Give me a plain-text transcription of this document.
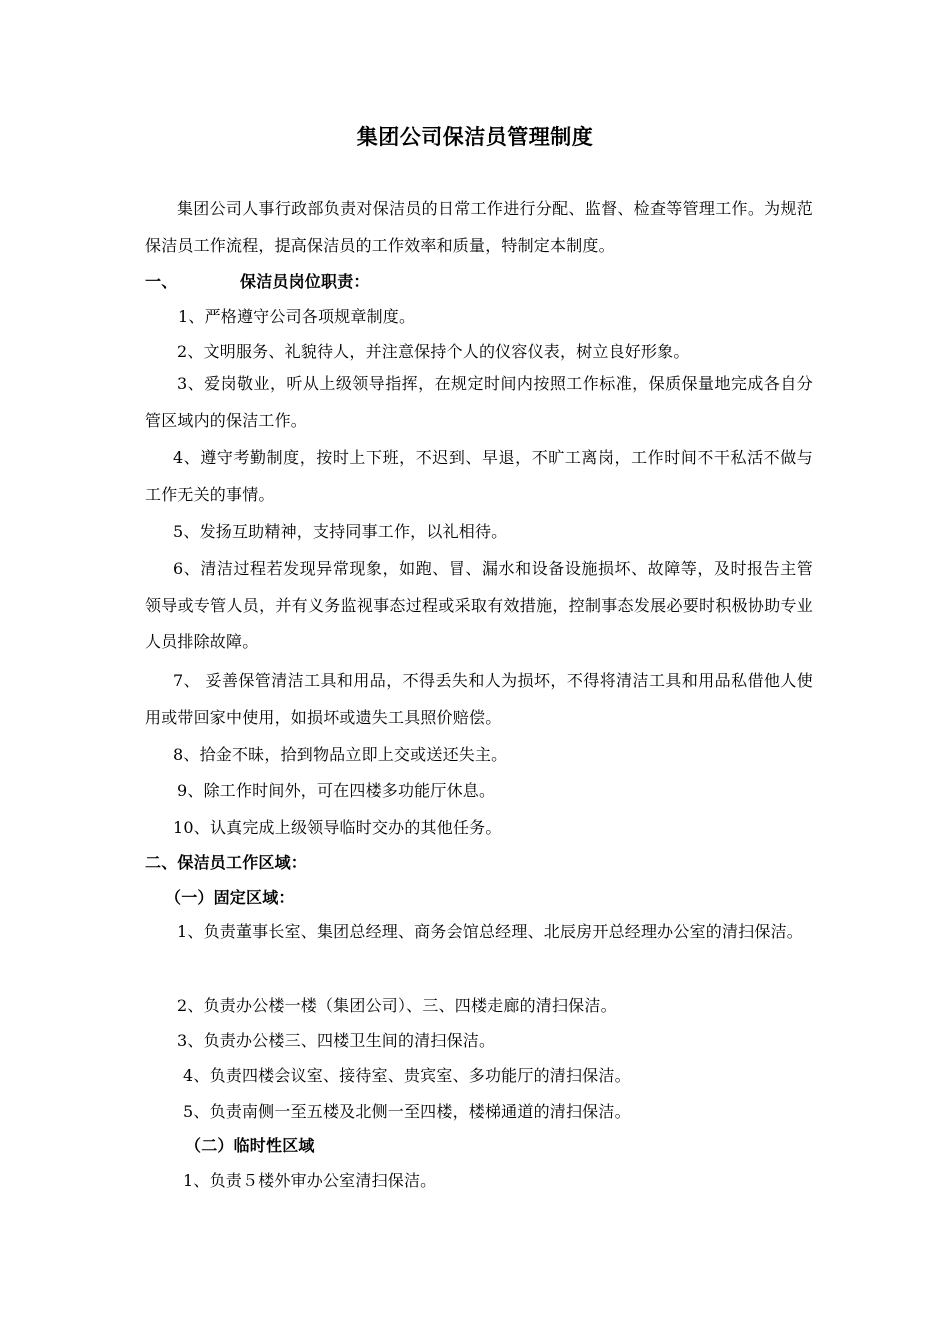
集团公司保洁员管理制度
集团公司人事行政部负责对保洁员的日常工作进行分配、监督、检查等管理工作。为规范保洁员工作流程，提高保洁员的工作效率和质量，特制定本制度。
一、	保洁员岗位职责：
1、严格遵守公司各项规章制度。
2、文明服务、礼貌待人，并注意保持个人的仪容仪表，树立良好形象。
3、爱岗敬业，听从上级领导指挥，在规定时间内按照工作标准，保质保量地完成各自分管区域内的保洁工作。
4、遵守考勤制度，按时上下班，不迟到、早退，不旷工离岗，工作时间不干私活不做与工作无关的事情。
5、发扬互助精神，支持同事工作，以礼相待。
6、清洁过程若发现异常现象，如跑、冒、漏水和设备设施损坏、故障等，及时报告主管领导或专管人员，并有义务监视事态过程或采取有效措施，控制事态发展必要时积极协助专业人员排除故障。
7、 妥善保管清洁工具和用品，不得丢失和人为损坏，不得将清洁工具和用品私借他人使用或带回家中使用，如损坏或遗失工具照价赔偿。
8、拾金不昧，拾到物品立即上交或送还失主。
9、除工作时间外，可在四楼多功能厅休息。
10、认真完成上级领导临时交办的其他任务。
二、保洁员工作区域：
（一）固定区域：
1、负责董事长室、集团总经理、商务会馆总经理、北辰房开总经理办公室的清扫保洁。
2、负责办公楼一楼（集团公司）、三、四楼走廊的清扫保洁。
3、负责办公楼三、四楼卫生间的清扫保洁。
4、负责四楼会议室、接待室、贵宾室、多功能厅的清扫保洁。
5、负责南侧一至五楼及北侧一至四楼，楼梯通道的清扫保洁。
（二）临时性区域
1、负责５楼外审办公室清扫保洁。
